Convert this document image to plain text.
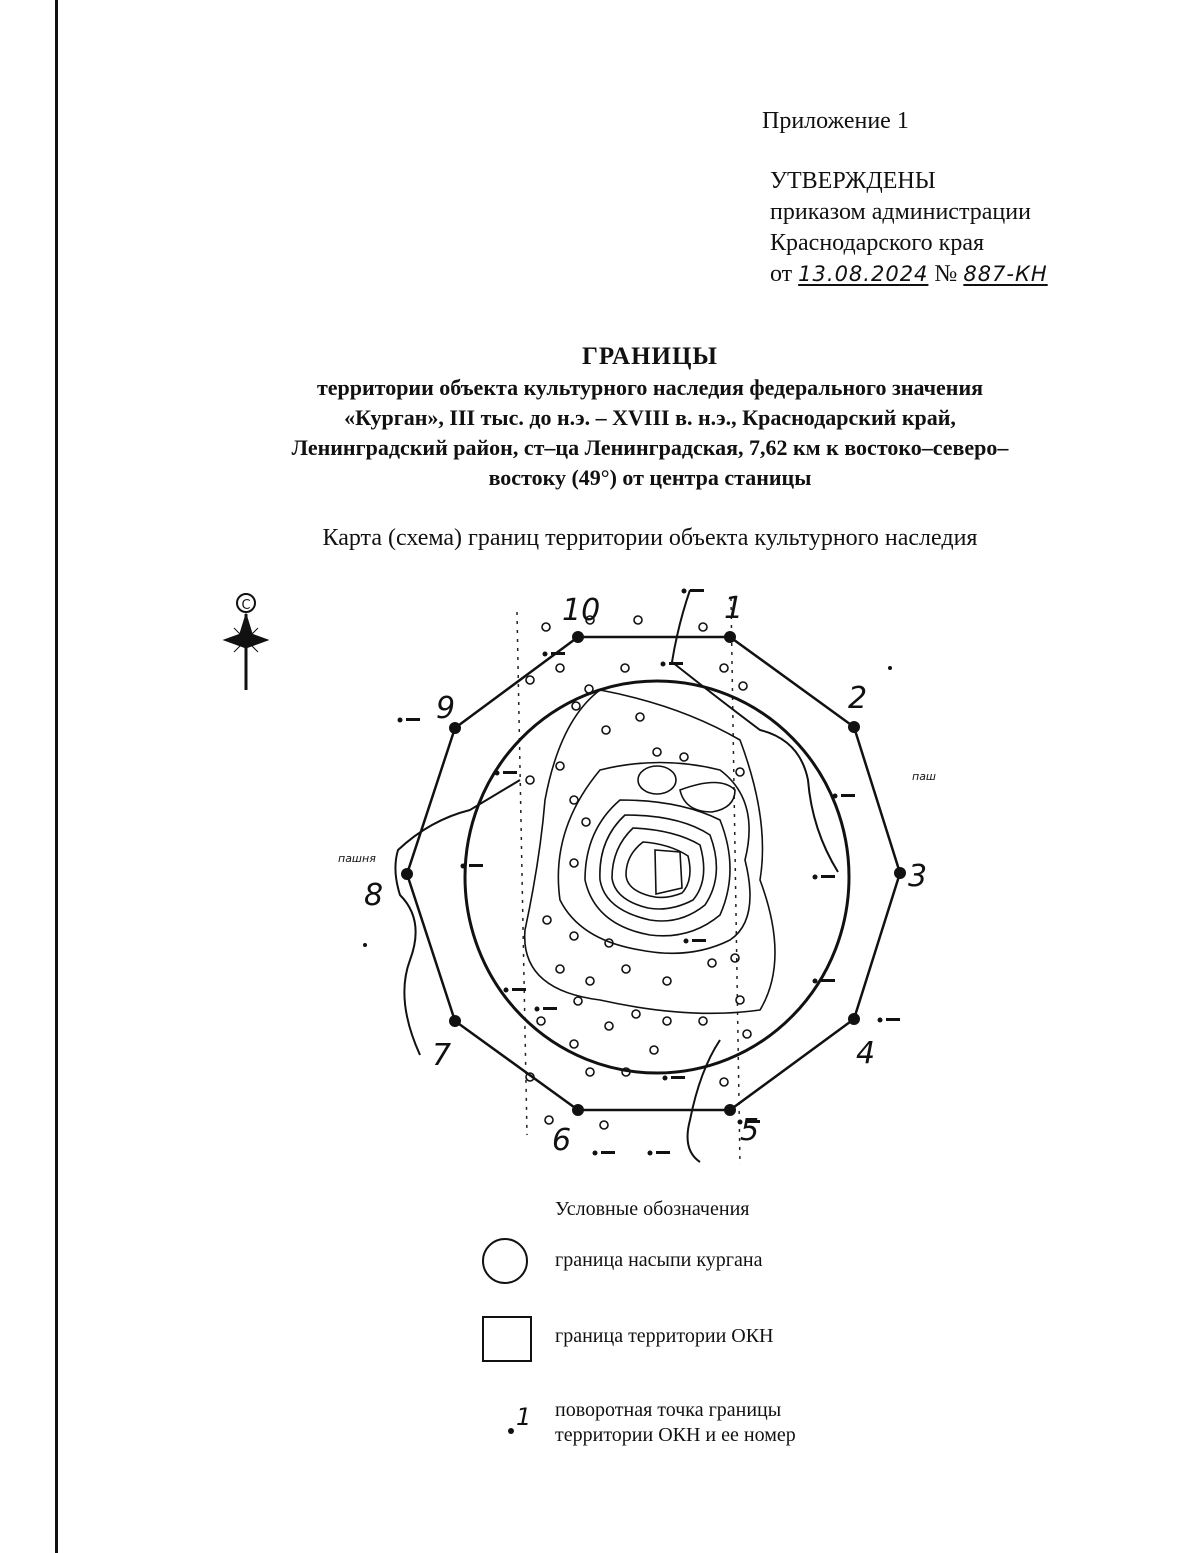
Приложение 1
УТВЕРЖДЕНЫ
приказом администрации
Краснодарского края
от 13.08.2024 № 887-КН
ГРАНИЦЫ
территории объекта культурного наследия федерального значения
«Курган», III тыс. до н.э. – XVIII в. н.э., Краснодарский край,
Ленинградский район, ст–ца Ленинградская, 7,62 км к востоко–северо–
востоку (49°) от центра станицы
Карта (схема) границ территории объекта культурного наследия
С
пашня
паш
1
2
3
4
5
6
7
8
9
10
Условные обозначения
граница насыпи кургана
граница территории ОКН
1 поворотная точка границы
территории ОКН и ее номер
